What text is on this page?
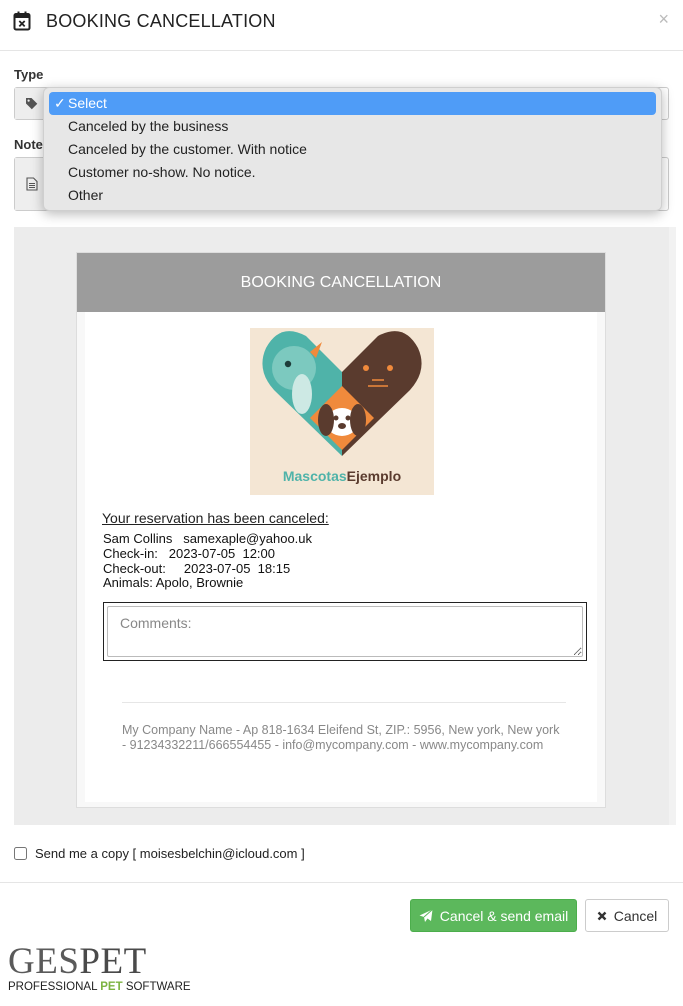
BOOKING CANCELLATION	×
Type
Note
✓ Select
Canceled by the business
Canceled by the customer. With notice
Customer no-show. No notice.
Other
BOOKING CANCELLATION
MascotasEjemplo
Your reservation has been canceled:
Sam Collins   samexaple@yahoo.uk
Check-in:   2023-07-05  12:00
Check-out:     2023-07-05  18:15
Animals: Apolo, Brownie
Comments:
My Company Name - Ap 818-1634 Eleifend St, ZIP.: 5956, New york, New york - 91234332211/666554455 - info@mycompany.com - www.mycompany.com
Send me a copy [ moisesbelchin@icloud.com ]
Cancel & send email	Cancel
GESPET
PROFESSIONAL PET SOFTWARE
